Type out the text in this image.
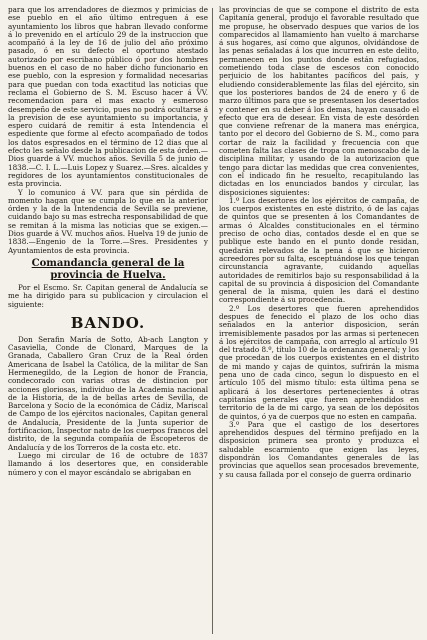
para que los arrendadores de diezmos y primicias de ese pueblo en el año último entreguen á ese ayuntamiento los libros que habran llevado conforme á lo prevenido en el artículo 29 de la instruccion que acompañó á la ley de 16 de julio del año próximo pasado, ó en su defecto el oportuno atestado autorizado por escribano público ó por dos hombres buenos en el caso de no haber dicho funcionario en ese pueblo, con la espresion y formalidad necesarias para que puedan con toda exactitud las noticias que reclama el Gobierno de S. M. Escuso hacer á VV. recomendacion para el mas exacto y esmeroso desempeño de este servicio, pues no podrá ocultarse á la prevision de ese ayuntamiento su importancia, y espero cuidará de remitir á esta Intendencia el espediente que forme al efecto acompañado de todos los datos espresados en el término de 12 dias que al efecto les señalo desde la publicacion de esta órden.—Dios guarde á VV. muchos años. Sevilla 5 de junio de 1838.—C. I. L.—Luis Lopez y Suarez.—Sres. alcaldes y regidores de los ayuntamientos constitucionales de esta provincia.

Y lo comunico á VV. para que sin pérdida de momento hagan que se cumpla lo que en la anterior órden y la de la Intendencia de Sevilla se previene, cuidando bajo su mas estrecha responsabilidad de que se remitan á la misma las noticias que se exigen.—Dios guarde á VV. muchos años. Huelva 19 de junio de 1838.—Engenio de la Torre.—Sres. Presidentes y Ayuntamientos de esta provincia.

Comandancia general de la provincia de Huelva.

Por el Escmo. Sr. Capitan general de Andalucía se me ha dirigido para su publicacion y circulacion el siguiente:

BANDO.

Don Serafin María de Sotto, Ab-ach Langton y Casaviella, Conde de Clonard, Marques de la Granada, Caballero Gran Cruz de la Real órden Americana de Isabel la Católica, de la militar de San Hermenegildo, de la Legion de honor de Francia, condecorado con varias otras de distincion por acciones gloriosas, individuo de la Academia nacional de la Historia, de la de bellas artes de Sevilla, de Barcelona y Socio de la económica de Cádiz, Mariscal de Campo de los ejércitos nacionales, Capitan general de Andalucía, Presidente de la Junta superior de fortificacion, Inspector nato de los cuerpos francos del distrito, de la segunda compañía de Escopeteros de Andalucía y de los Torreros de la costa etc. etc.

Luego mi circular de 16 de octubre de 1837 llamando á los desertores que, en considerable número y con el mayor escándalo se abrigaban en

las provincias de que se compone el distrito de esta Capitanía general, produjo el favorable resultado que me propuse, he observado despues que varios de los comparecidos al llamamiento han vuelto á marcharse á sus hogares, así como que algunos, olvidándose de las penas señaladas á los que incurren en este delito, permanecen en los puntos donde están refugiados, cometiendo toda clase de escesos con conocido perjuicio de los habitantes pacíficos del país, y eludiendo considerablemente las filas del ejército, sin que los posteriores bandos de 24 de enero y 6 de marzo últimos para que se presentasen los desertados y contener en su deber á los demas, hayan causado el efecto que era de desear. En vista de este desórden que conviene refrenar de la manera mas enérgica, tanto por el decoro del Gobierno de S. M., como para cortar de raiz la facilidad y frecuencia con que cometen falta las clases de tropa con menoscabo de la disciplina militar, y usando de la autorizacion que tengo para dictar las medidas que crea convenientes, con el indicado fin he resuelto, recapitulando las dictadas en los enunciados bandos y circular, las disposiciones siguientes:

1.º Los desertores de los ejércitos de campaña, de los cuerpos existentes en este distrito, ó de las cajas de quintos que se presenten á los Comandantes de armas ó Alcaldes constitucionales en el término preciso de ocho dias, contados desde el en que se publique este bando en el punto donde residan, quedarán relevados de la pena á que se hicieron acreedores por su falta, esceptuándose los que tengan circunstancia agravante, cuidando aquellas autoridades de remitirlos bajo su responsabilidad á la capital de su provincia á disposicion del Comandante general de la misma, quien les dará el destino correspondiente á su procedencia.

2.º Los desertores que fueren aprehendidos despues de fenecido el plazo de los ocho dias señalados en la anterior disposicion, serán irremisiblemente pasados por las armas si pertenecen á los ejércitos de campaña, con arreglo al artículo 91 del tratado 8.º, título 10 de la ordenanza general; y los que procedan de los cuerpos existentes en el distrito de mi mando y cajas de quintos, sufrirán la misma pena uno de cada cinco, segun lo dispuesto en el artículo 105 del mismo título: esta última pena se aplicará á los desertores pertenecientes á otras capitanías generales que fueren aprehendidos en territorio de la de mi cargo, ya sean de los depósitos de quintos, ó ya de cuerpos que no esten en campaña.

3.º Para que el castigo de los desertores aprehendidos despues del término prefijado en la disposicion primera sea pronto y produzca el saludable escarmiento que exigen las leyes, dispondrán los Comandantes generales de las provincias que aquellos sean procesados brevemente, y su causa fallada por el consejo de guerra ordinario
